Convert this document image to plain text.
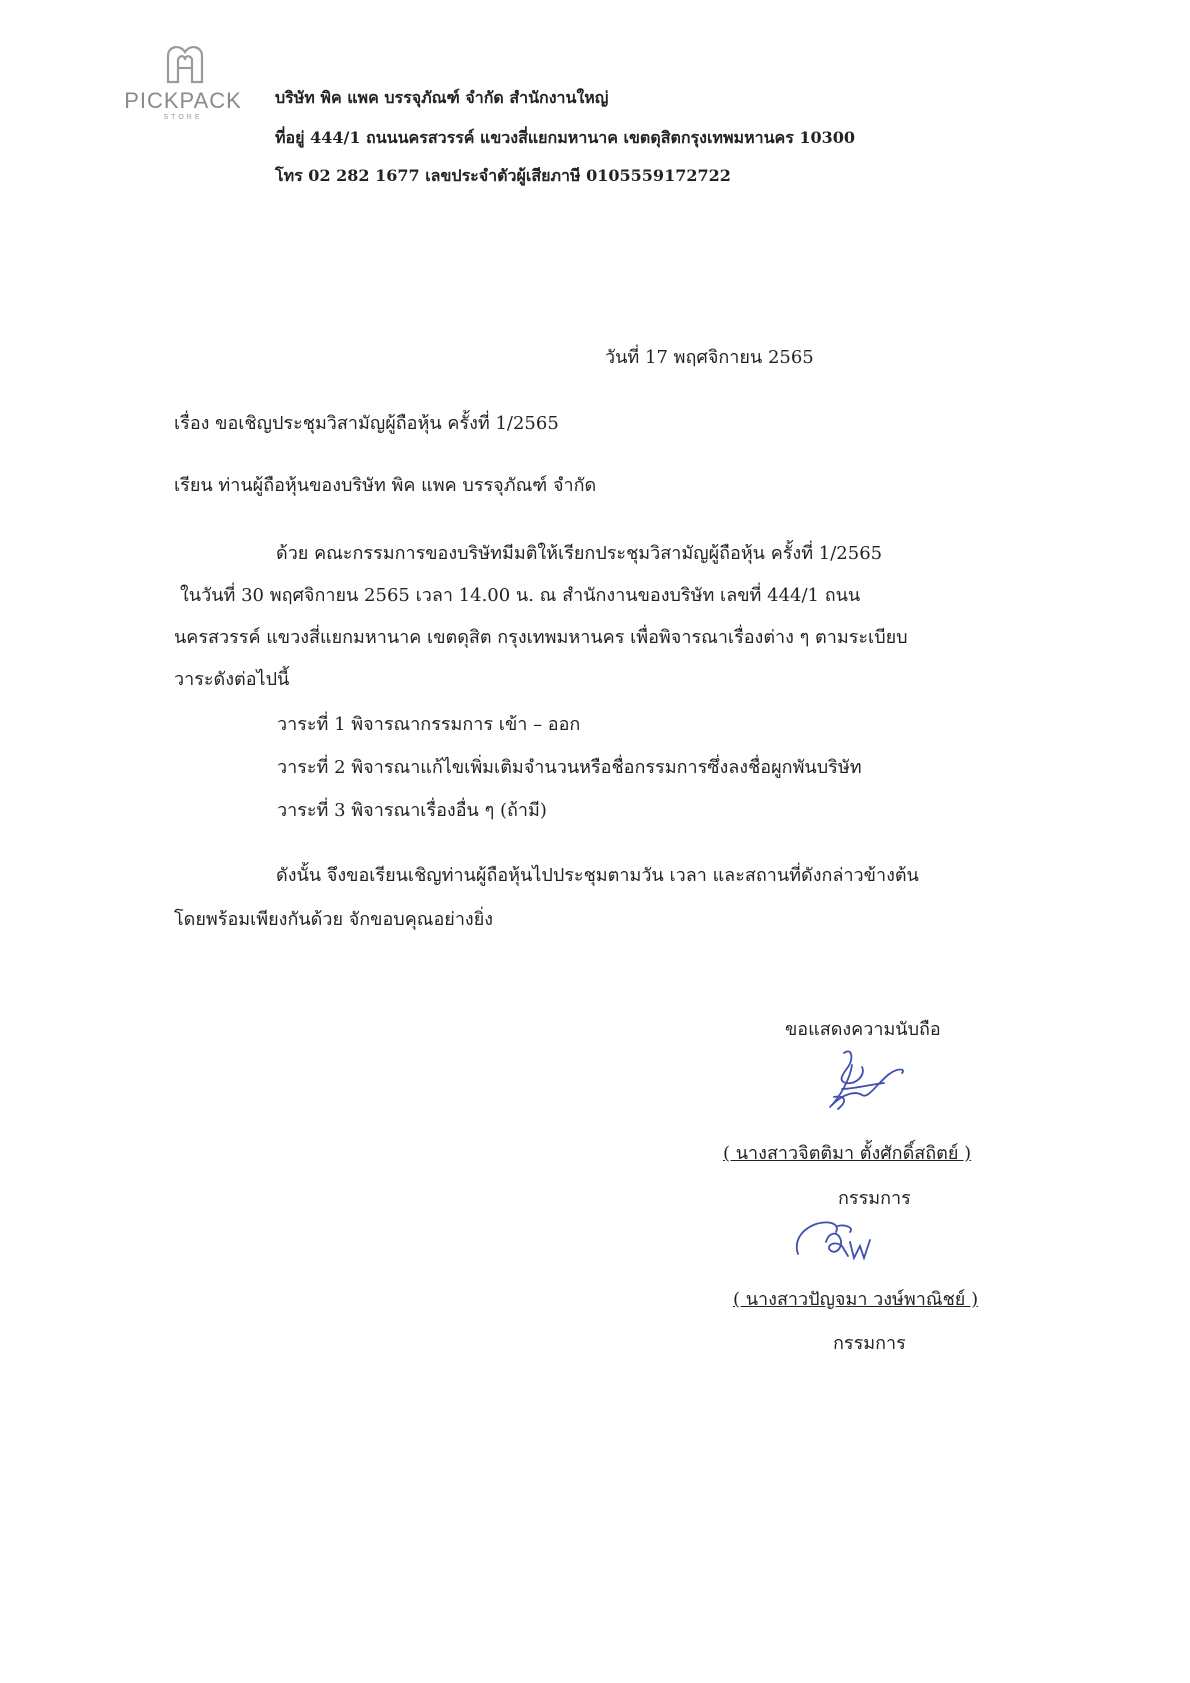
PICKPACK
STORE
บริษัท พิค แพค บรรจุภัณฑ์ จำกัด สำนักงานใหญ่
ที่อยู่ 444/1 ถนนนครสวรรค์ แขวงสี่แยกมหานาค เขตดุสิตกรุงเทพมหานคร 10300
โทร 02 282 1677 เลขประจำตัวผู้เสียภาษี 0105559172722
วันที่ 17 พฤศจิกายน 2565
เรื่อง ขอเชิญประชุมวิสามัญผู้ถือหุ้น ครั้งที่ 1/2565
เรียน ท่านผู้ถือหุ้นของบริษัท พิค แพค บรรจุภัณฑ์ จำกัด
ด้วย คณะกรรมการของบริษัทมีมติให้เรียกประชุมวิสามัญผู้ถือหุ้น ครั้งที่ 1/2565
ในวันที่ 30 พฤศจิกายน 2565 เวลา 14.00 น. ณ สำนักงานของบริษัท เลขที่ 444/1 ถนน
นครสวรรค์ แขวงสี่แยกมหานาค เขตดุสิต กรุงเทพมหานคร เพื่อพิจารณาเรื่องต่าง ๆ ตามระเบียบ
วาระดังต่อไปนี้
วาระที่ 1 พิจารณากรรมการ เข้า – ออก
วาระที่ 2 พิจารณาแก้ไขเพิ่มเติมจำนวนหรือชื่อกรรมการซึ่งลงชื่อผูกพันบริษัท
วาระที่ 3 พิจารณาเรื่องอื่น ๆ (ถ้ามี)
ดังนั้น จึงขอเรียนเชิญท่านผู้ถือหุ้นไปประชุมตามวัน เวลา และสถานที่ดังกล่าวข้างต้น
โดยพร้อมเพียงกันด้วย จักขอบคุณอย่างยิ่ง
ขอแสดงความนับถือ
( นางสาวจิตติมา ตั้งศักดิ์สถิตย์ )
กรรมการ
( นางสาวปัญจมา วงษ์พาณิชย์ )
กรรมการ
